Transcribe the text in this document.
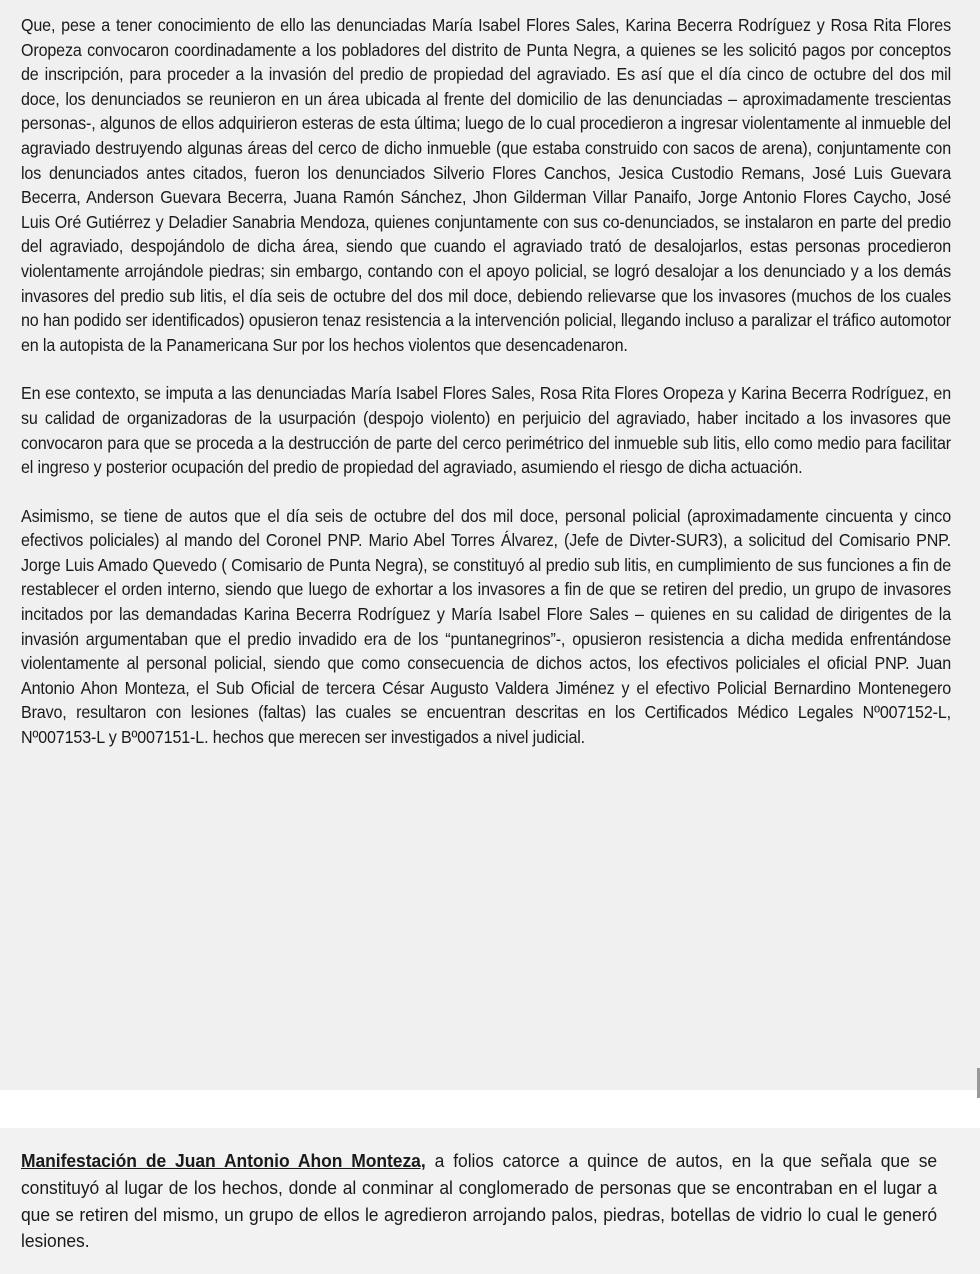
Que, pese a tener conocimiento de ello las denunciadas María Isabel Flores Sales, Karina Becerra Rodríguez y Rosa Rita Flores Oropeza convocaron coordinadamente a los pobladores del distrito de Punta Negra, a quienes se les solicitó pagos por conceptos de inscripción, para proceder a la invasión del predio de propiedad del agraviado. Es así que el día cinco de octubre del dos mil doce, los denunciados se reunieron en un área ubicada al frente del domicilio de las denunciadas – aproximadamente trescientas personas-, algunos de ellos adquirieron esteras de esta última; luego de lo cual procedieron a ingresar violentamente al inmueble del agraviado destruyendo algunas áreas del cerco de dicho inmueble (que estaba construido con sacos de arena), conjuntamente con los denunciados antes citados, fueron los denunciados Silverio Flores Canchos, Jesica Custodio Remans, José Luis Guevara Becerra, Anderson Guevara Becerra, Juana Ramón Sánchez, Jhon Gilderman Villar Panaifo, Jorge Antonio Flores Caycho, José Luis Oré Gutiérrez y Deladier Sanabria Mendoza, quienes conjuntamente con sus co-denunciados, se instalaron en parte del predio del agraviado, despojándolo de dicha área, siendo que cuando el agraviado trató de desalojarlos, estas personas procedieron violentamente arrojándole piedras; sin embargo, contando con el apoyo policial, se logró desalojar a los denunciado y a los demás invasores del predio sub litis, el día seis de octubre del dos mil doce, debiendo relievarse que los invasores (muchos de los cuales no han podido ser identificados) opusieron tenaz resistencia a la intervención policial, llegando incluso a paralizar el tráfico automotor en la autopista de la Panamericana Sur por los hechos violentos que desencadenaron.

En ese contexto, se imputa a las denunciadas María Isabel Flores Sales, Rosa Rita Flores Oropeza y Karina Becerra Rodríguez, en su calidad de organizadoras de la usurpación (despojo violento) en perjuicio del agraviado, haber incitado a los invasores que convocaron para que se proceda a la destrucción de parte del cerco perimétrico del inmueble sub litis, ello como medio para facilitar el ingreso y posterior ocupación del predio de propiedad del agraviado, asumiendo el riesgo de dicha actuación.

Asimismo, se tiene de autos que el día seis de octubre del dos mil doce, personal policial (aproximadamente cincuenta y cinco efectivos policiales) al mando del Coronel PNP. Mario Abel Torres Álvarez, (Jefe de Divter-SUR3), a solicitud del Comisario PNP. Jorge Luis Amado Quevedo ( Comisario de Punta Negra), se constituyó al predio sub litis, en cumplimiento de sus funciones a fin de restablecer el orden interno, siendo que luego de exhortar a los invasores a fin de que se retiren del predio, un grupo de invasores incitados por las demandadas Karina Becerra Rodríguez y María Isabel Flore Sales – quienes en su calidad de dirigentes de la invasión argumentaban que el predio invadido era de los “puntanegrinos”-, opusieron resistencia a dicha medida enfrentándose violentamente al personal policial, siendo que como consecuencia de dichos actos, los efectivos policiales el oficial PNP. Juan Antonio Ahon Monteza, el Sub Oficial de tercera César Augusto Valdera Jiménez y el efectivo Policial Bernardino Montenegero Bravo, resultaron con lesiones (faltas) las cuales se encuentran descritas en los Certificados Médico Legales Nº007152-L, Nº007153-L y Bº007151-L. hechos que merecen ser investigados a nivel judicial.

Manifestación de Juan Antonio Ahon Monteza, a folios catorce a quince de autos, en la que señala que se constituyó al lugar de los hechos, donde al conminar al conglomerado de personas que se encontraban en el lugar a que se retiren del mismo, un grupo de ellos le agredieron arrojando palos, piedras, botellas de vidrio lo cual le generó lesiones.
